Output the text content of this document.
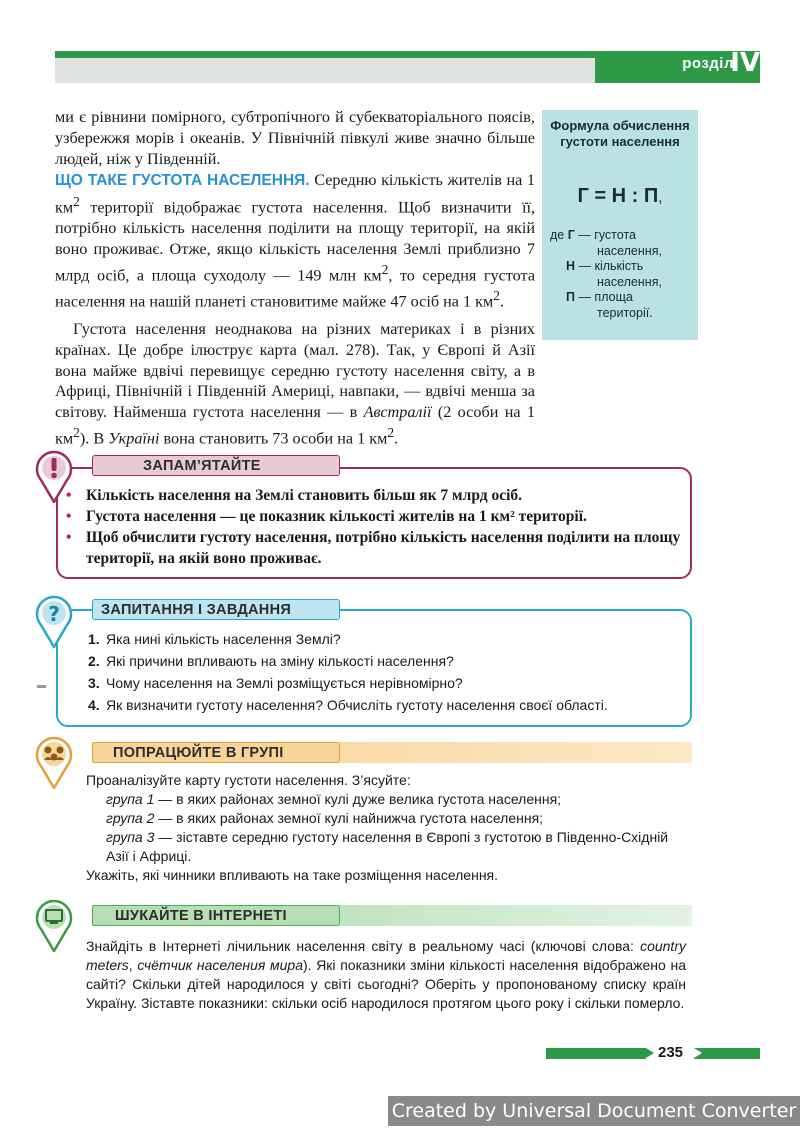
розділ
IV

ми є рівнини помірного, субтропічного й субекваторіального поясів, узбережжя морів і океанів. У Північній півкулі живе значно більше людей, ніж у Південній.

ЩО ТАКЕ ГУСТОТА НАСЕЛЕННЯ. Середню кількість жителів на 1 $км^2$ території відображає густота населення. Щоб визначити її, потрібно кількість населення поділити на площу території, на якій воно проживає. Отже, якщо кількість населення Землі приблизно 7 млрд осіб, а площа суходолу — 149 млн $км^2$, то середня густота населення на нашій планеті становитиме майже 47 осіб на 1 $км^2$.

Густота населення неоднакова на різних материках і в різних країнах. Це добре ілюструє карта (мал. 278). Так, у Європі й Азії вона майже вдвічі перевищує середню густоту населення світу, а в Африці, Північній і Південній Америці, навпаки, — вдвічі менша за світову. Найменша густота населення — в Австралії (2 особи на 1 $км^2$). В Україні вона становить 73 особи на 1 $км^2$.

Формула обчислення густоти населення
Г = Н : П,
де Г — густота
населення,
Н — кількість
населення,
П — площа
території.
ЗАПАМ’ЯТАЙТЕ
• Кількість населення на Землі становить більш як 7 млрд осіб.
• Густота населення — це показник кількості жителів на 1 км² території.
• Щоб обчислити густоту населення, потрібно кількість населення поділити на площу території, на якій воно проживає.
?	ЗАПИТАННЯ І ЗАВДАННЯ
1. Яка нині кількість населення Землі?
2. Які причини впливають на зміну кількості населення?
3. Чому населення на Землі розміщується нерівномірно?
4. Як визначити густоту населення? Обчисліть густоту населення своєї області.
ПОПРАЦЮЙТЕ В ГРУПІ
Проаналізуйте карту густоти населення. З’ясуйте:
група 1 — в яких районах земної кулі дуже велика густота населення;
група 2 — в яких районах земної кулі найнижча густота населення;
група 3 — зіставте середню густоту населення в Європі з густотою в Південно-Східній Азії і Африці.
Укажіть, які чинники впливають на таке розміщення населення.
ШУКАЙТЕ В ІНТЕРНЕТІ

Знайдіть в Інтернеті лічильник населення світу в реальному часі (ключові слова: country meters, счётчик населения мира). Які показники зміни кількості населення відображено на сайті? Скільки дітей народилося у світі сьогодні? Оберіть у пропонованому списку країн Україну. Зіставте показники: скільки осіб народилося протягом цього року і скільки померло.

235
Created by Universal Document Converter
